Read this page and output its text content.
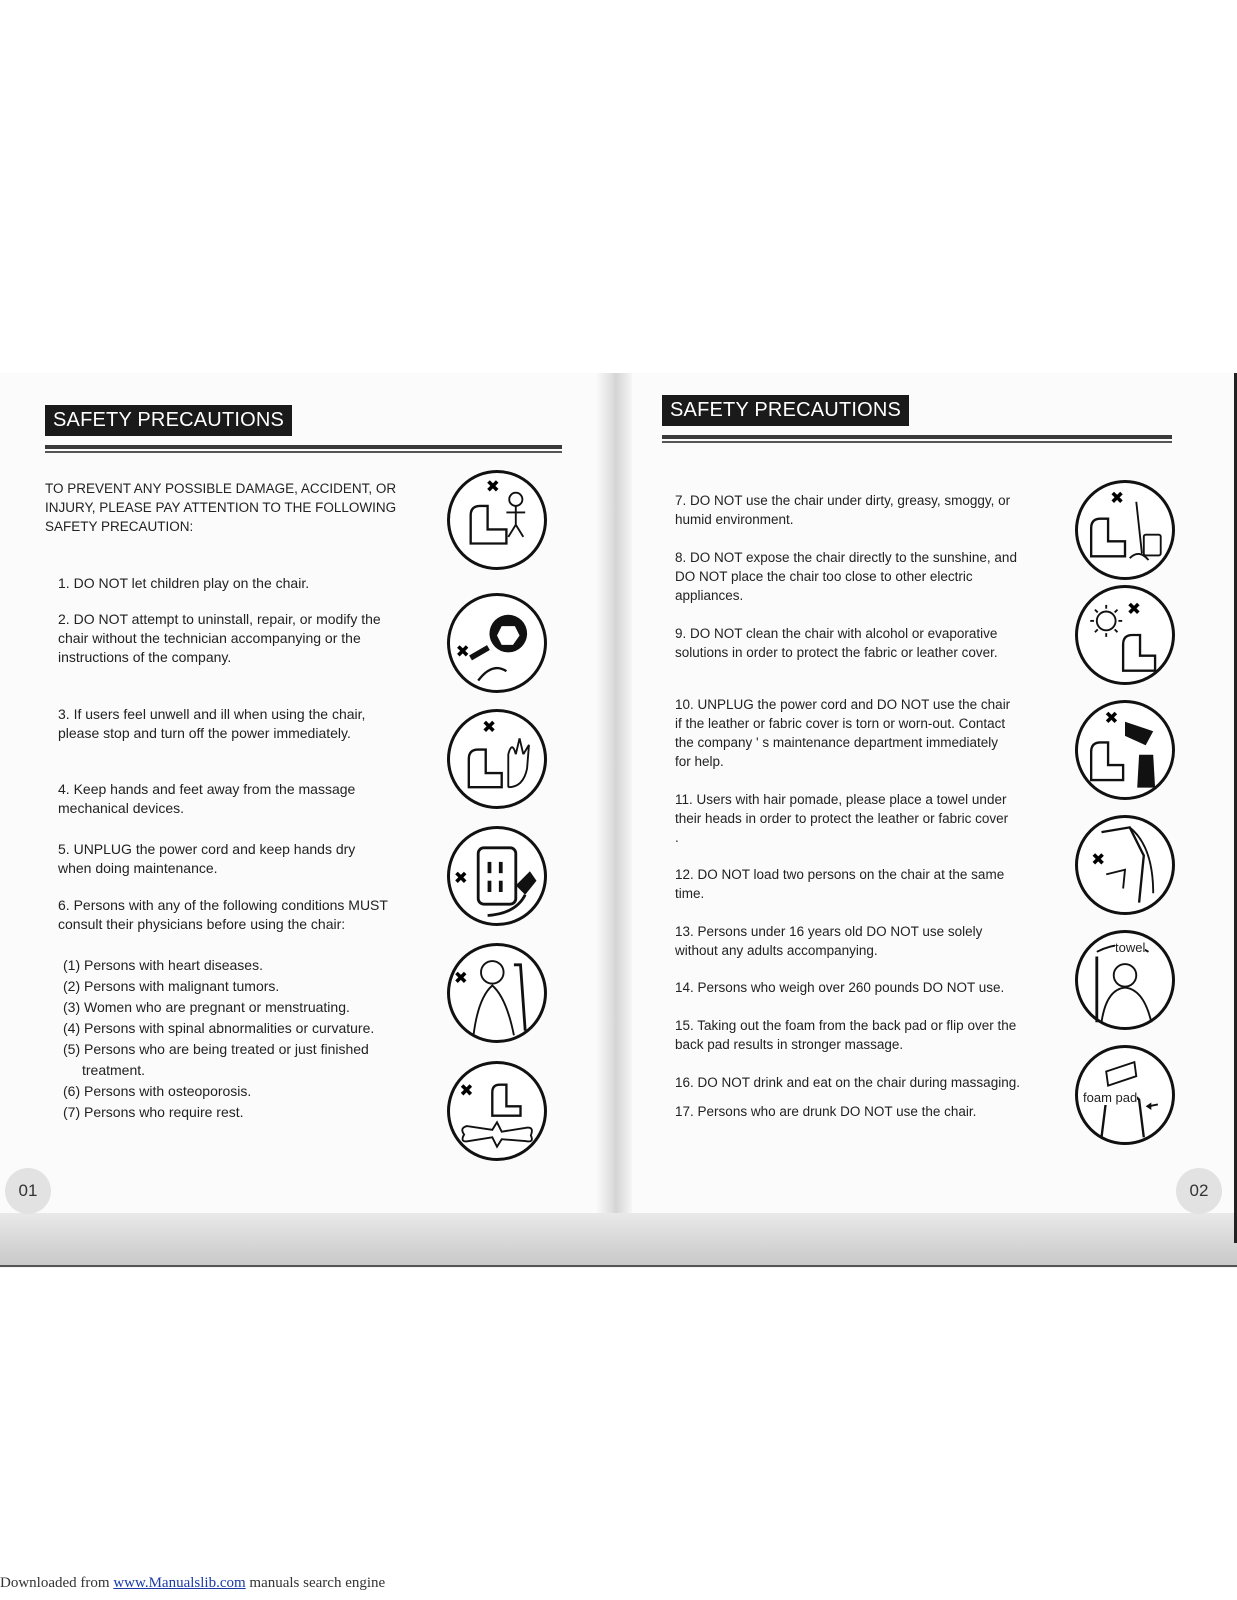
SAFETY PRECAUTIONS
TO PREVENT ANY POSSIBLE DAMAGE, ACCIDENT, OR INJURY, PLEASE PAY ATTENTION TO THE FOLLOWING SAFETY PRECAUTION:
1. DO NOT let children play on the chair.
2. DO NOT attempt to uninstall, repair, or modify the chair without the technician accompanying or the instructions of the company.
3. If users feel unwell and ill when using the chair, please stop and turn off the power immediately.
4. Keep hands and feet away from the massage mechanical devices.
5. UNPLUG the power cord and keep hands dry when doing maintenance.
6. Persons with any of the following conditions MUST consult their physicians before using the chair:
(1) Persons with heart diseases.
(2) Persons with malignant tumors.
(3) Women who are pregnant or menstruating.
(4) Persons with spinal abnormalities or curvature.
(5) Persons who are being treated or just finished
treatment.
(6) Persons with osteoporosis.
(7) Persons who require rest.
✖
✖
✖
✖
✖
✖
01
SAFETY PRECAUTIONS
7. DO NOT use the chair under dirty, greasy, smoggy, or humid environment.
8. DO NOT expose the chair directly to the sunshine, and DO NOT place the chair too close to other electric appliances.
9. DO NOT clean the chair with alcohol or evaporative solutions in order to protect the fabric or leather cover.
10. UNPLUG the power cord and DO NOT use the chair if the leather or fabric cover is torn or worn-out. Contact the company ' s maintenance department immediately for help.
11. Users with hair pomade, please place a towel under their heads in order to protect the leather or fabric cover .
12. DO NOT load two persons on the chair at the same time.
13. Persons under 16 years old DO NOT use solely without any adults accompanying.
14. Persons who weigh over 260 pounds DO NOT use.
15. Taking out the foam from the back pad or flip over the back pad results in stronger massage.
16. DO NOT drink and eat on the chair during massaging.
17. Persons who are drunk DO NOT use the chair.
✖
✖
✖
✖
towel
foam pad
02
Downloaded from www.Manualslib.com manuals search engine
